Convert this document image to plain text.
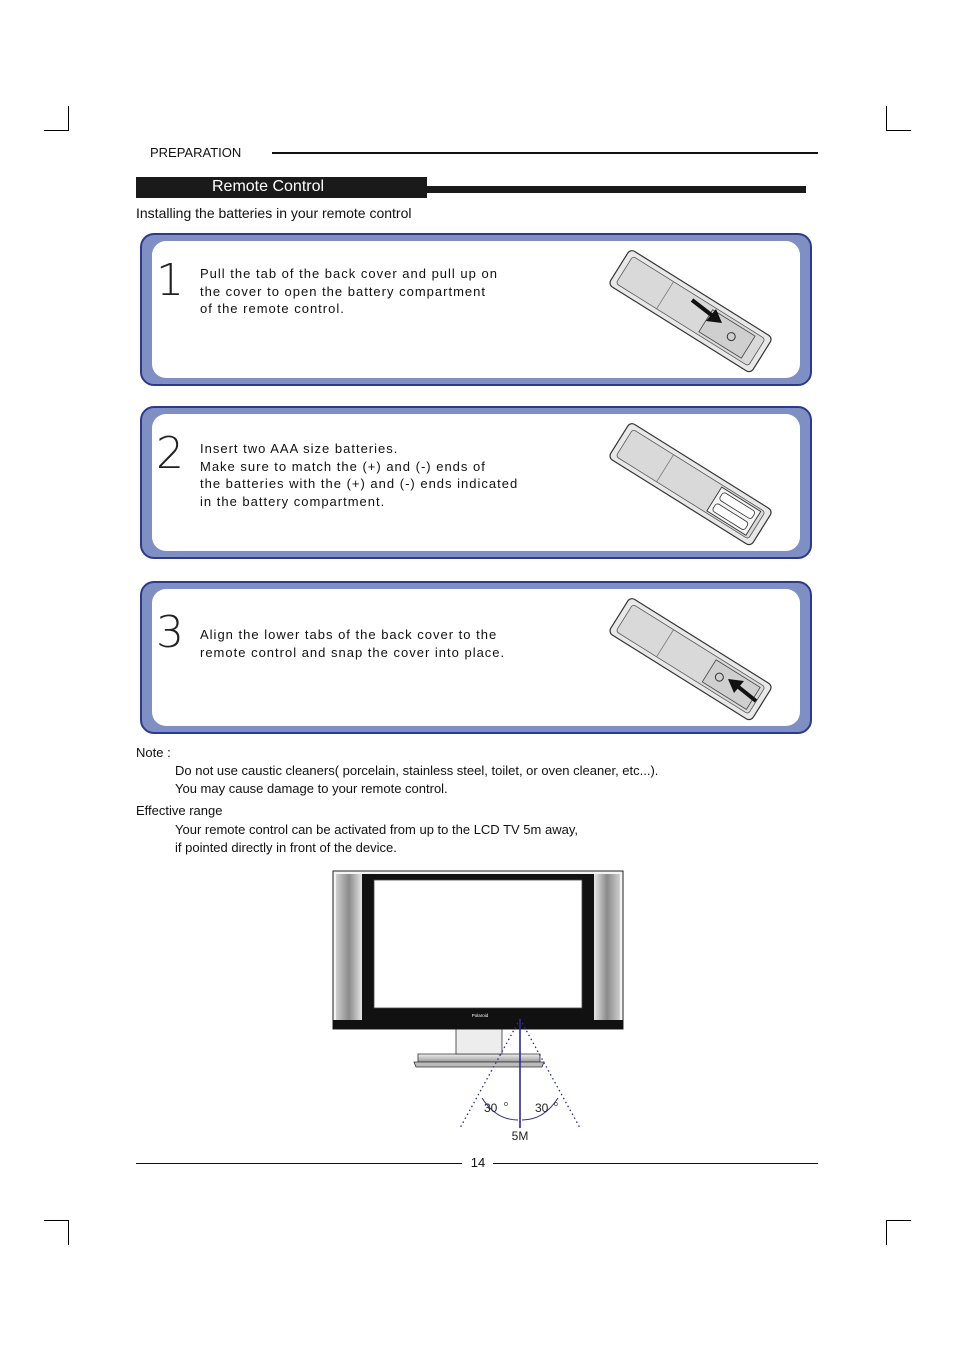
PREPARATION
Remote Control
Installing the batteries in your remote control
1 Pull the tab of the back cover and pull up on
the cover to open the battery compartment
of the remote control.
2 Insert two AAA size batteries.
Make sure to match the (+) and (-) ends of
the batteries with the (+) and (-) ends indicated
in the battery compartment.
3 Align the lower tabs of the back cover to the
remote control and snap the cover into place.
Note :
Do not use caustic cleaners( porcelain, stainless steel, toilet, or oven cleaner, etc...).
You may cause damage to your remote control.
Effective range
Your remote control can be activated from up to the LCD TV 5m away,
if pointed directly in front of the device.
Polaroid
30 o 30 o
5M
14
